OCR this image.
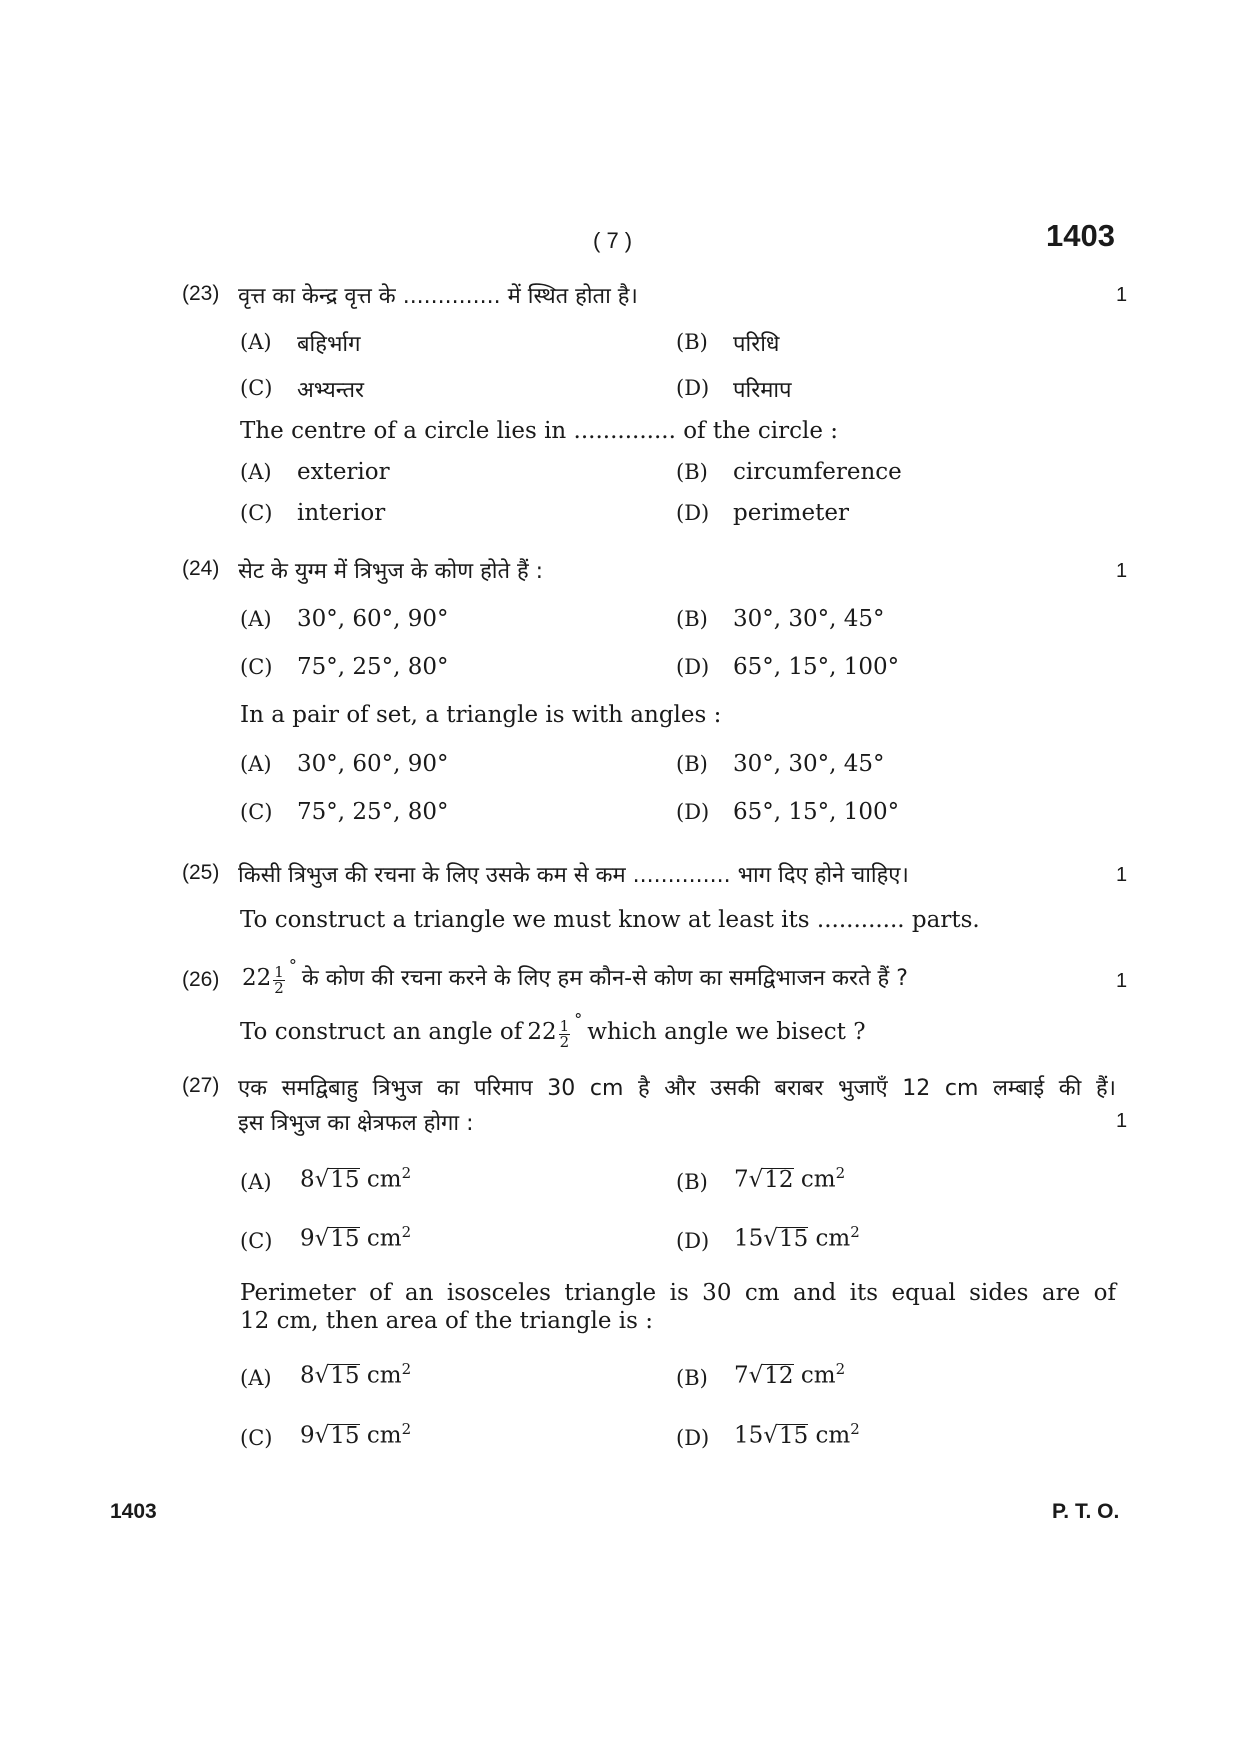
( 7 )	1403
(23) वृत्त का केन्द्र वृत्त के .............. में स्थित होता है।	1
(A) बहिर्भाग	(B) परिधि
(C) अभ्यन्तर	(D) परिमाप
The centre of a circle lies in .............. of the circle :
(A) exterior	(B) circumference
(C) interior	(D) perimeter
(24) सेट के युग्म में त्रिभुज के कोण होते हैं :	1
(A) 30°, 60°, 90°	(B) 30°, 30°, 45°
(C) 75°, 25°, 80°	(D) 65°, 15°, 100°
In a pair of set, a triangle is with angles :
(A) 30°, 60°, 90°	(B) 30°, 30°, 45°
(C) 75°, 25°, 80°	(D) 65°, 15°, 100°
(25) किसी त्रिभुज की रचना के लिए उसके कम से कम .............. भाग दिए होने चाहिए।	1
To construct a triangle we must know at least its ............ parts.
(26) $22 \frac{1}{2}$ ° के कोण की रचना करने के लिए हम कौन-से कोण का समद्विभाजन करते हैं ?	1
To construct an angle of $22 \frac{1}{2}$ ° which angle we bisect ?
(27) एक समद्विबाहु त्रिभुज का परिमाप 30 cm है और उसकी बराबर भुजाएँ 12 cm लम्बाई की हैं।
इस त्रिभुज का क्षेत्रफल होगा :	1
(A) 8√15 $cm^2$	(B) 7√12 $cm^2$
(C) 9√15 $cm^2$	(D) 15√15 $cm^2$
Perimeter of an isosceles triangle is 30 cm and its equal sides are of
12 cm, then area of the triangle is :
(A) 8√15 $cm^2$	(B) 7√12 $cm^2$
(C) 9√15 $cm^2$	(D) 15√15 $cm^2$
1403	P. T. O.
